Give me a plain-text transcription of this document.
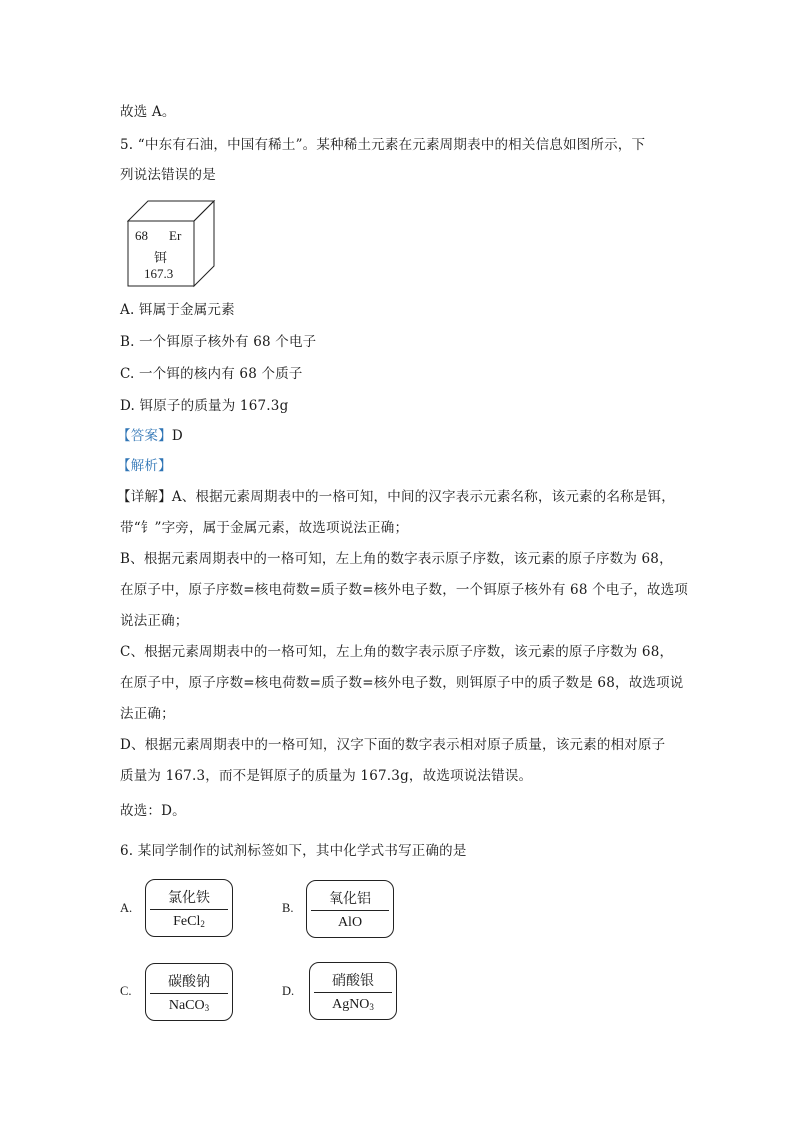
故选 A。
5. “中东有石油，中国有稀土”。某种稀土元素在元素周期表中的相关信息如图所示，下
列说法错误的是
68 Er
铒
167.3
A. 铒属于金属元素
B. 一个铒原子核外有 68 个电子
C. 一个铒的核内有 68 个质子
D. 铒原子的质量为 167.3g
【答案】D
【解析】
【详解】A、根据元素周期表中的一格可知，中间的汉字表示元素名称，该元素的名称是铒，
带“钅”字旁，属于金属元素，故选项说法正确；
B、根据元素周期表中的一格可知，左上角的数字表示原子序数，该元素的原子序数为 68，
在原子中，原子序数=核电荷数=质子数=核外电子数，一个铒原子核外有 68 个电子，故选项
说法正确；
C、根据元素周期表中的一格可知，左上角的数字表示原子序数，该元素的原子序数为 68，
在原子中，原子序数=核电荷数=质子数=核外电子数，则铒原子中的质子数是 68，故选项说
法正确；
D、根据元素周期表中的一格可知，汉字下面的数字表示相对原子质量，该元素的相对原子
质量为 167.3，而不是铒原子的质量为 167.3g，故选项说法错误。
故选：D。
6. 某同学制作的试剂标签如下，其中化学式书写正确的是
A.
氯化铁
FeCl$_2$
B.
氧化铝
AlO
C.
碳酸钠
NaCO$_3$
D.
硝酸银
AgNO$_3$
